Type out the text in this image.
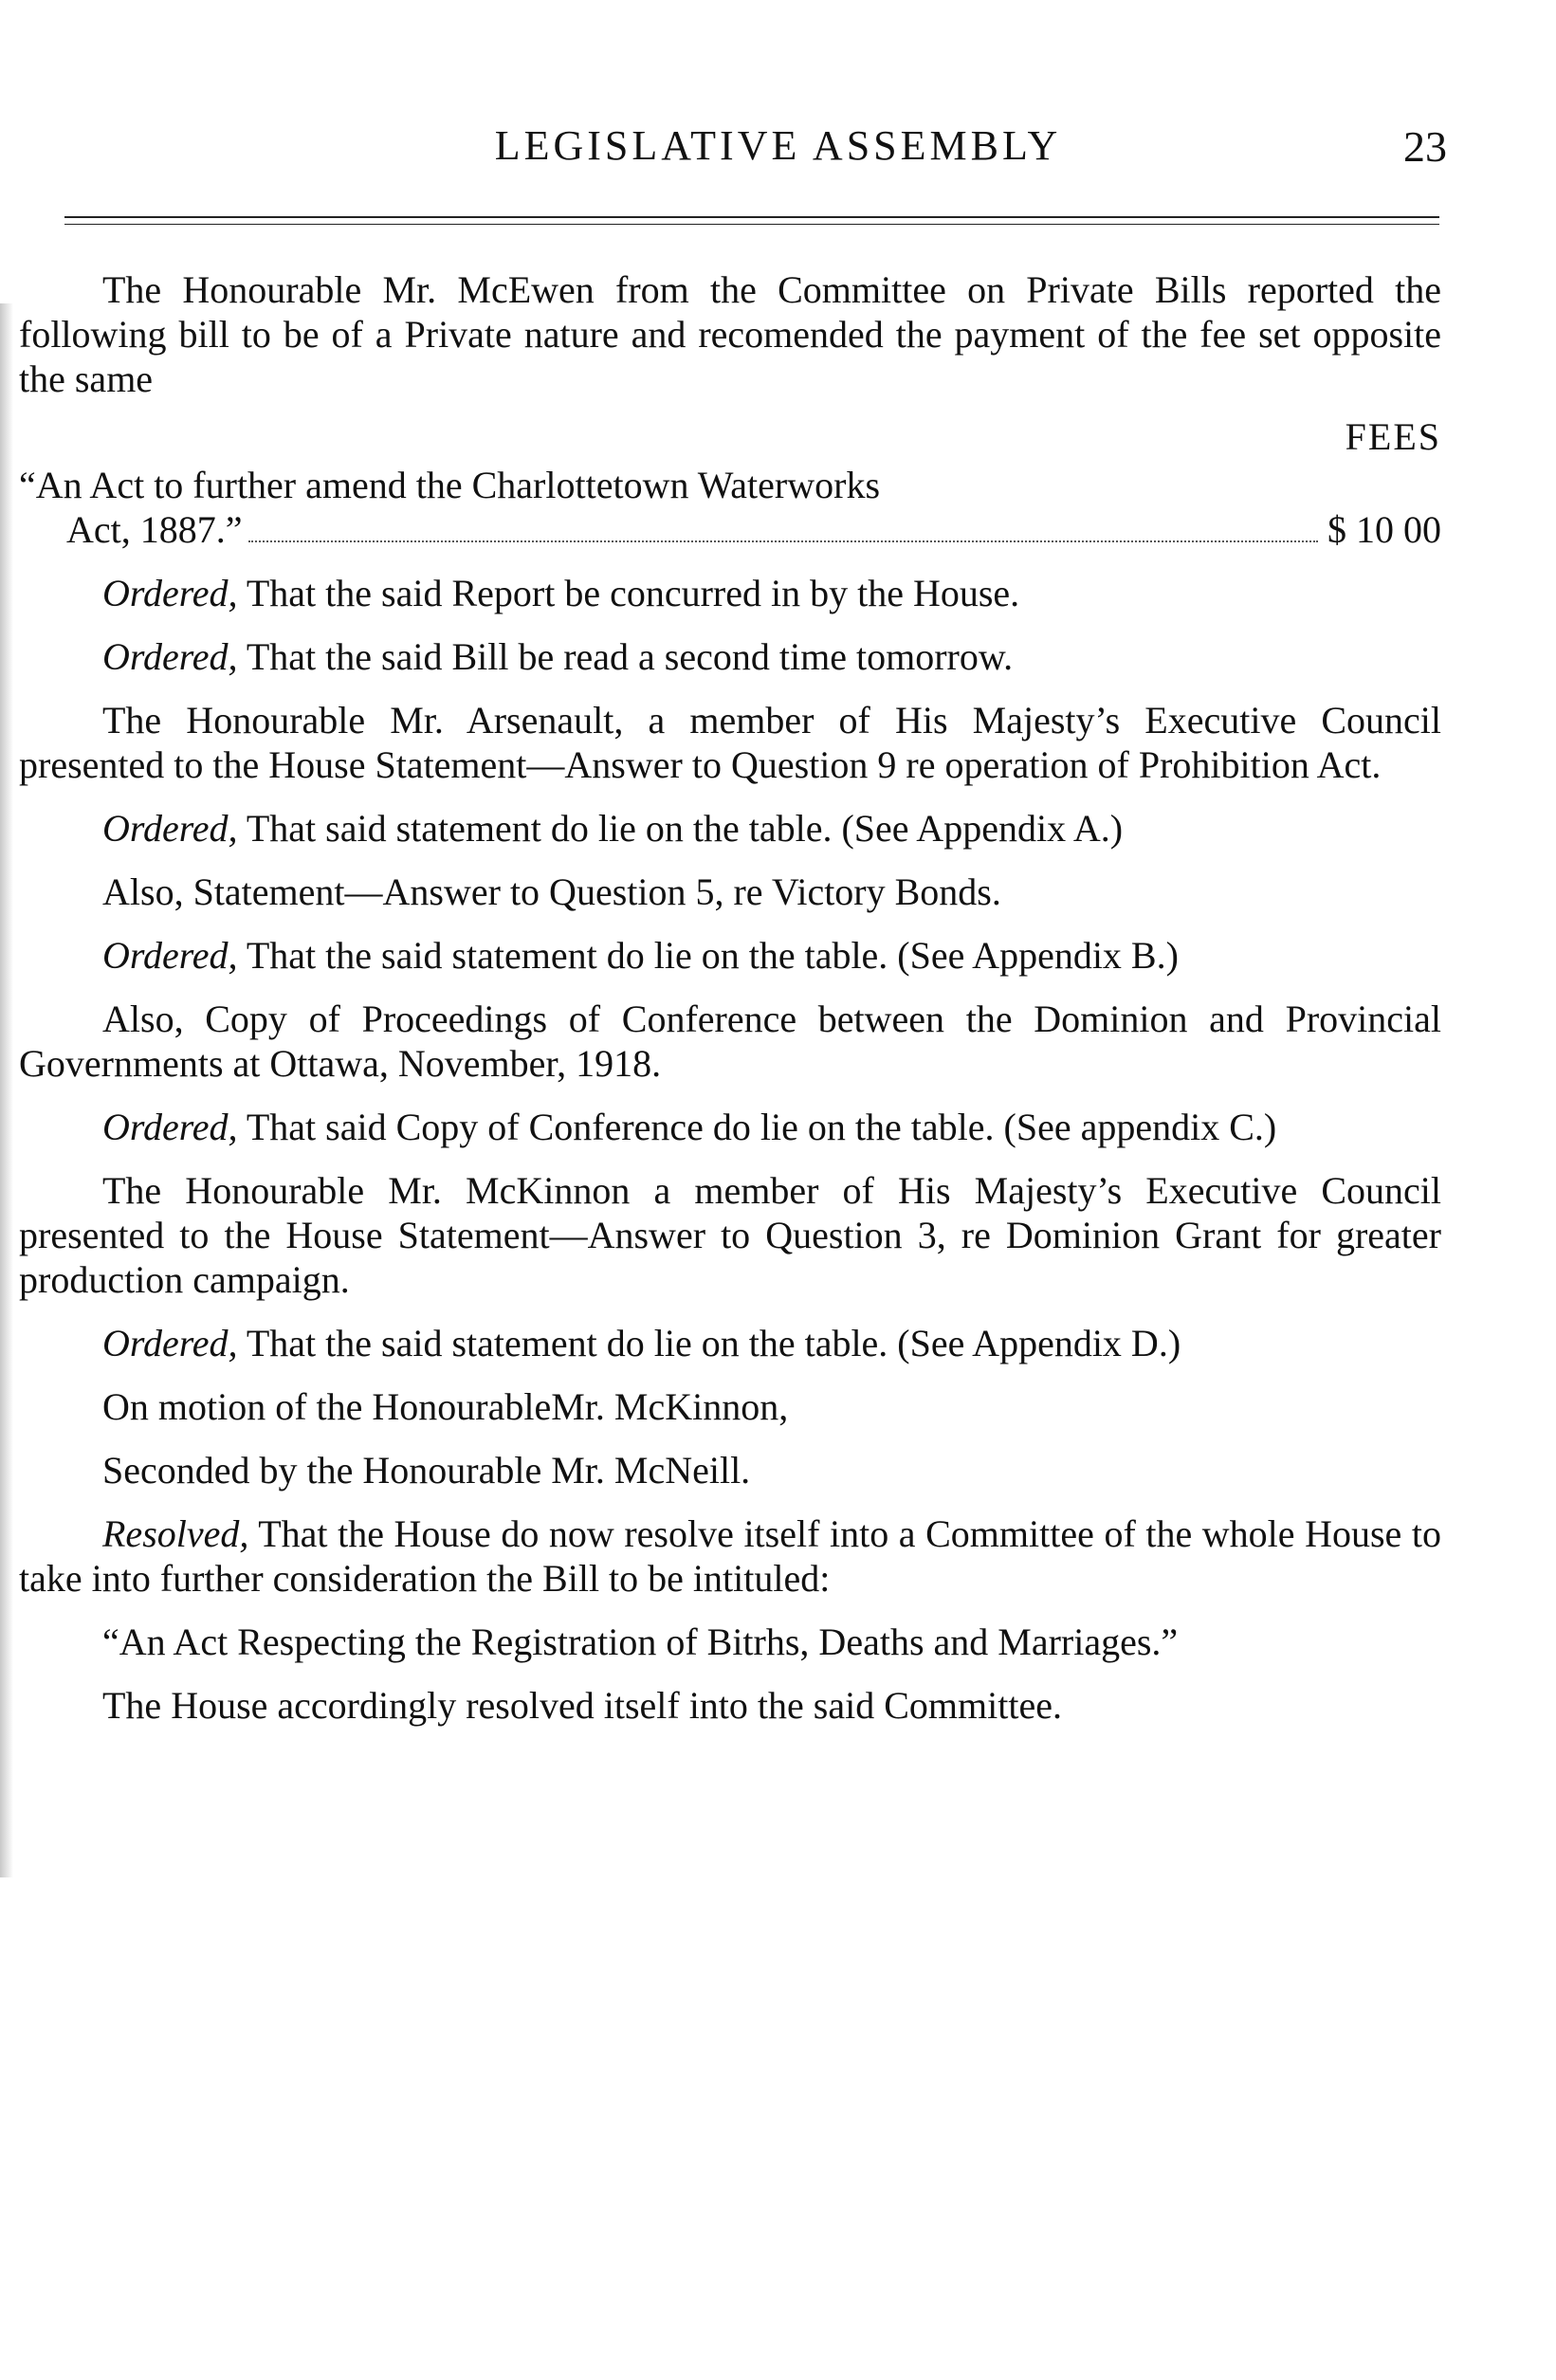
LEGISLATIVE ASSEMBLY	23

The Honourable Mr. McEwen from the Committee on Private Bills reported the following bill to be of a Private nature and recomended the payment of the fee set opposite the same

FEES

“An Act to further amend the Charlottetown Waterworks

Act, 1887.”	$ 10 00

Ordered, That the said Report be concurred in by the House.

Ordered, That the said Bill be read a second time tomorrow.

The Honourable Mr. Arsenault, a member of His Majesty’s Executive Council presented to the House Statement—Answer to Question 9 re operation of Prohibition Act.

Ordered, That said statement do lie on the table. (See Appendix A.)

Also, Statement—Answer to Question 5, re Victory Bonds.

Ordered, That the said statement do lie on the table. (See Appendix B.)

Also, Copy of Proceedings of Conference between the Dominion and Provincial Governments at Ottawa, November, 1918.

Ordered, That said Copy of Conference do lie on the table. (See appendix C.)

The Honourable Mr. McKinnon a member of His Majesty’s Executive Council presented to the House Statement—Answer to Question 3, re Dominion Grant for greater production campaign.

Ordered, That the said statement do lie on the table. (See Appendix D.)

On motion of the HonourableMr. McKinnon,

Seconded by the Honourable Mr. McNeill.

Resolved, That the House do now resolve itself into a Committee of the whole House to take into further consideration the Bill to be intituled:

“An Act Respecting the Registration of Bitrhs, Deaths and Marriages.”

The House accordingly resolved itself into the said Committee.
